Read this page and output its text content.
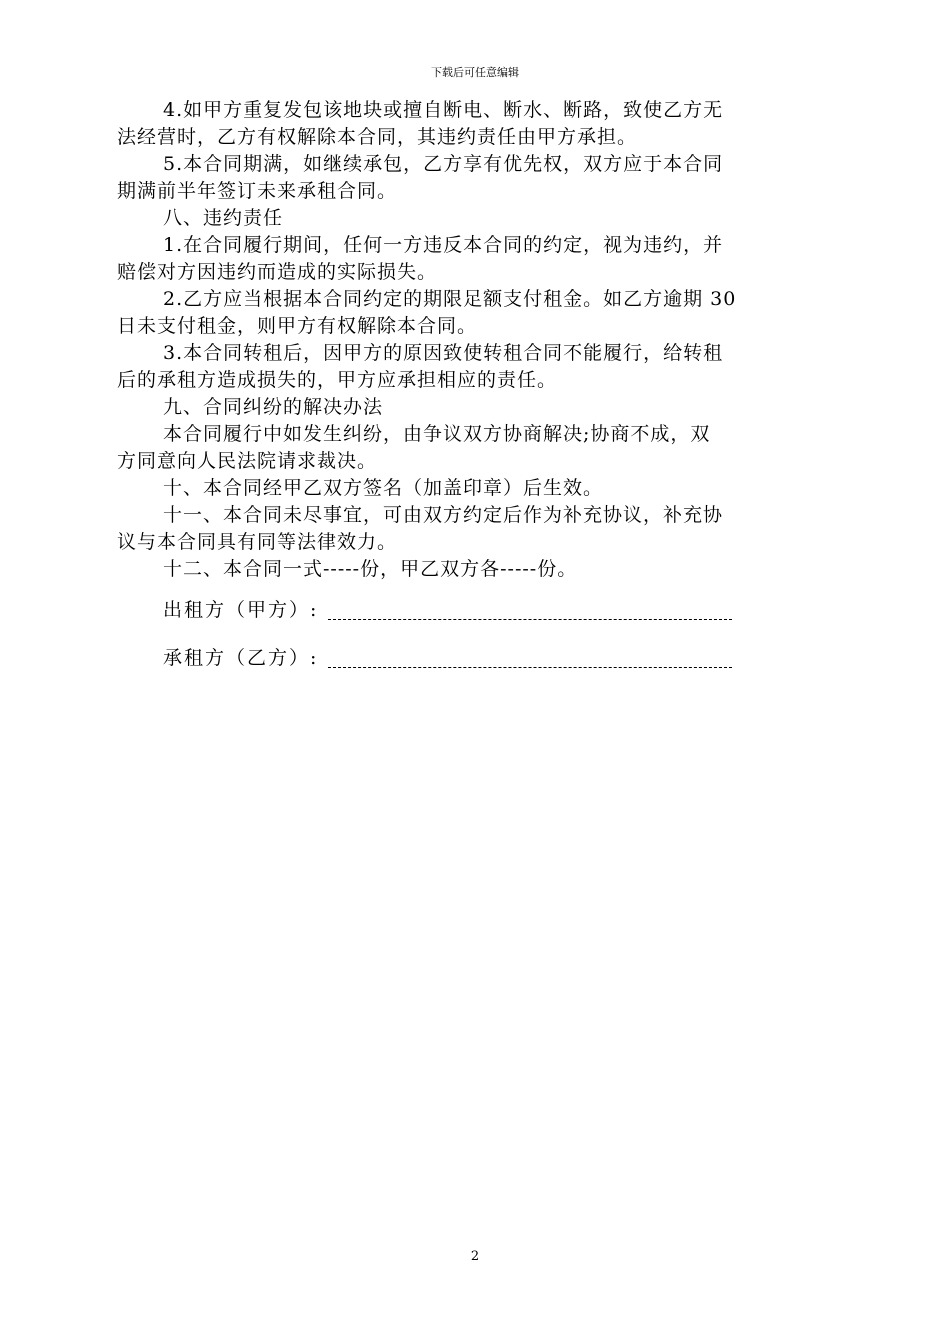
下载后可任意编辑

4.如甲方重复发包该地块或擅自断电、断水、断路，致使乙方无
法经营时，乙方有权解除本合同，其违约责任由甲方承担。

5.本合同期满，如继续承包，乙方享有优先权，双方应于本合同
期满前半年签订未来承租合同。

八、违约责任

1.在合同履行期间，任何一方违反本合同的约定，视为违约，并
赔偿对方因违约而造成的实际损失。

2.乙方应当根据本合同约定的期限足额支付租金。如乙方逾期 30
日未支付租金，则甲方有权解除本合同。

3.本合同转租后，因甲方的原因致使转租合同不能履行，给转租
后的承租方造成损失的，甲方应承担相应的责任。

九、合同纠纷的解决办法

本合同履行中如发生纠纷，由争议双方协商解决;协商不成，双
方同意向人民法院请求裁决。

十、本合同经甲乙双方签名（加盖印章）后生效。

十一、本合同未尽事宜，可由双方约定后作为补充协议，补充协
议与本合同具有同等法律效力。

十二、本合同一式-----份，甲乙双方各-----份。

出租方（甲方）:
承租方（乙方）:
2
